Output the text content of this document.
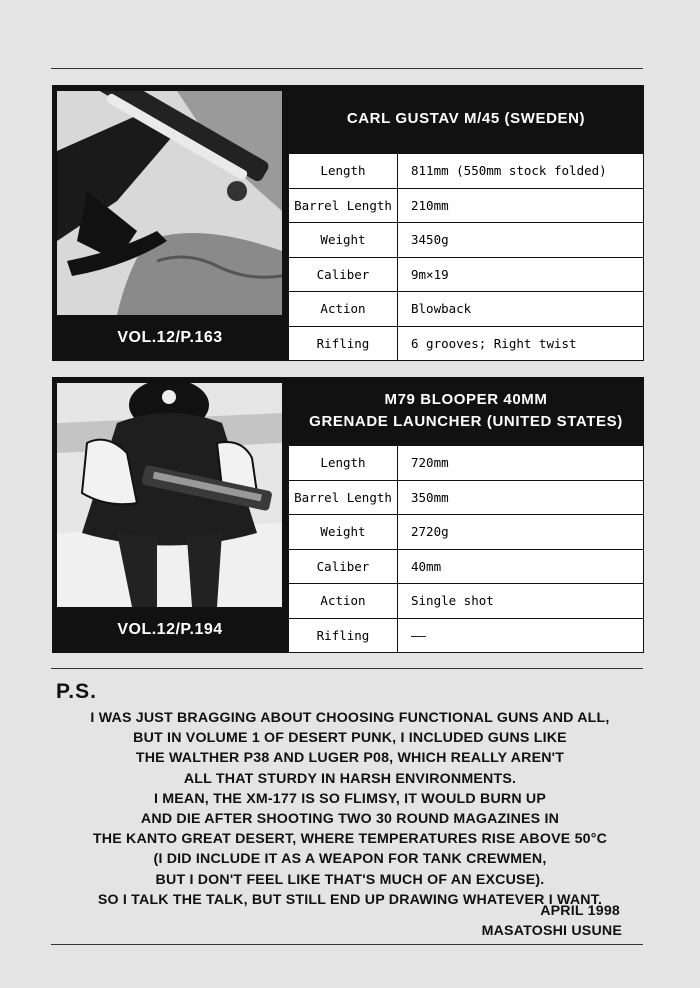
VOL.12/P.163
CARL GUSTAV M/45 (SWEDEN)
Length	811mm (550mm stock folded)
Barrel Length	210mm
Weight	3450g
Caliber	9m×19
Action	Blowback
Rifling	6 grooves; Right twist
VOL.12/P.194
M79 BLOOPER 40MM
GRENADE LAUNCHER (UNITED STATES)
Length	720mm
Barrel Length	350mm
Weight	2720g
Caliber	40mm
Action	Single shot
Rifling	——
P.S.
I WAS JUST BRAGGING ABOUT CHOOSING FUNCTIONAL GUNS AND ALL,
BUT IN VOLUME 1 OF DESERT PUNK, I INCLUDED GUNS LIKE
THE WALTHER P38 AND LUGER P08, WHICH REALLY AREN'T
ALL THAT STURDY IN HARSH ENVIRONMENTS.
I MEAN, THE XM-177 IS SO FLIMSY, IT WOULD BURN UP
AND DIE AFTER SHOOTING TWO 30 ROUND MAGAZINES IN
THE KANTO GREAT DESERT, WHERE TEMPERATURES RISE ABOVE 50°C
(I DID INCLUDE IT AS A WEAPON FOR TANK CREWMEN,
BUT I DON'T FEEL LIKE THAT'S MUCH OF AN EXCUSE).
SO I TALK THE TALK, BUT STILL END UP DRAWING WHATEVER I WANT.
APRIL 1998
MASATOSHI USUNE
